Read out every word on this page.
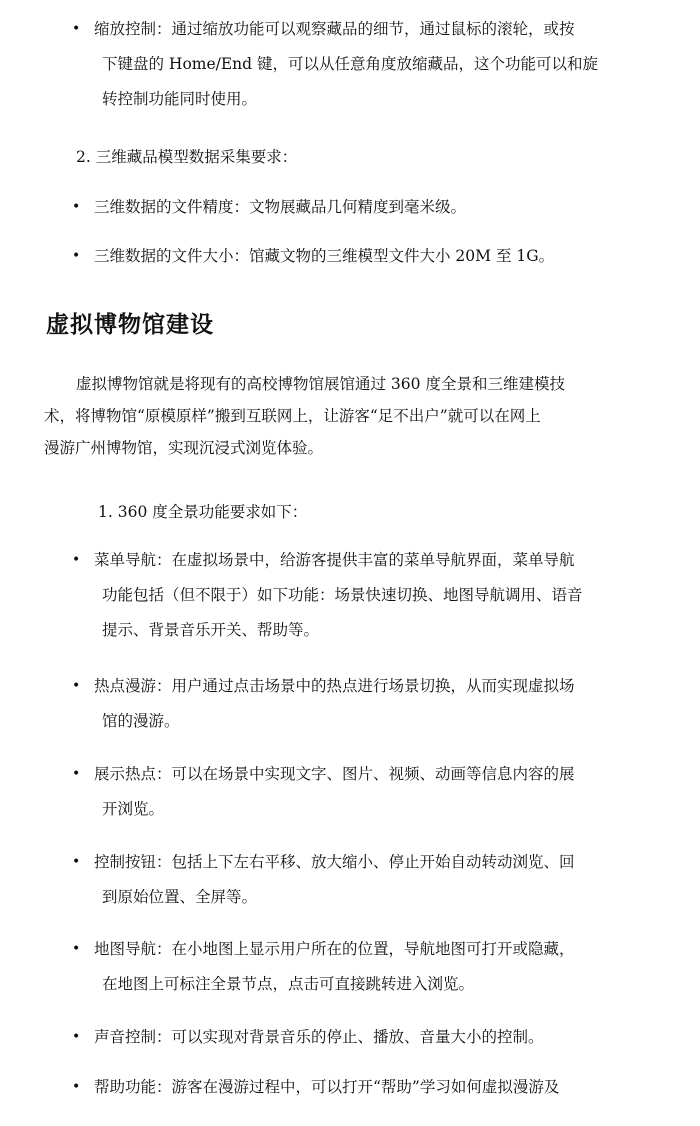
• 缩放控制：通过缩放功能可以观察藏品的细节，通过鼠标的滚轮，或按
下键盘的 Home/End 键，可以从任意角度放缩藏品，这个功能可以和旋
转控制功能同时使用。
2. 三维藏品模型数据采集要求：
• 三维数据的文件精度：文物展藏品几何精度到毫米级。
• 三维数据的文件大小：馆藏文物的三维模型文件大小 20M 至 1G。
虚拟博物馆建设
虚拟博物馆就是将现有的高校博物馆展馆通过 360 度全景和三维建模技
术，将博物馆“原模原样”搬到互联网上，让游客“足不出户”就可以在网上
漫游广州博物馆，实现沉浸式浏览体验。
1. 360 度全景功能要求如下：
• 菜单导航：在虚拟场景中，给游客提供丰富的菜单导航界面，菜单导航
功能包括（但不限于）如下功能：场景快速切换、地图导航调用、语音
提示、背景音乐开关、帮助等。
• 热点漫游：用户通过点击场景中的热点进行场景切换，从而实现虚拟场
馆的漫游。
• 展示热点：可以在场景中实现文字、图片、视频、动画等信息内容的展
开浏览。
• 控制按钮：包括上下左右平移、放大缩小、停止开始自动转动浏览、回
到原始位置、全屏等。
• 地图导航：在小地图上显示用户所在的位置，导航地图可打开或隐藏，
在地图上可标注全景节点，点击可直接跳转进入浏览。
• 声音控制：可以实现对背景音乐的停止、播放、音量大小的控制。
• 帮助功能：游客在漫游过程中，可以打开“帮助”学习如何虚拟漫游及
